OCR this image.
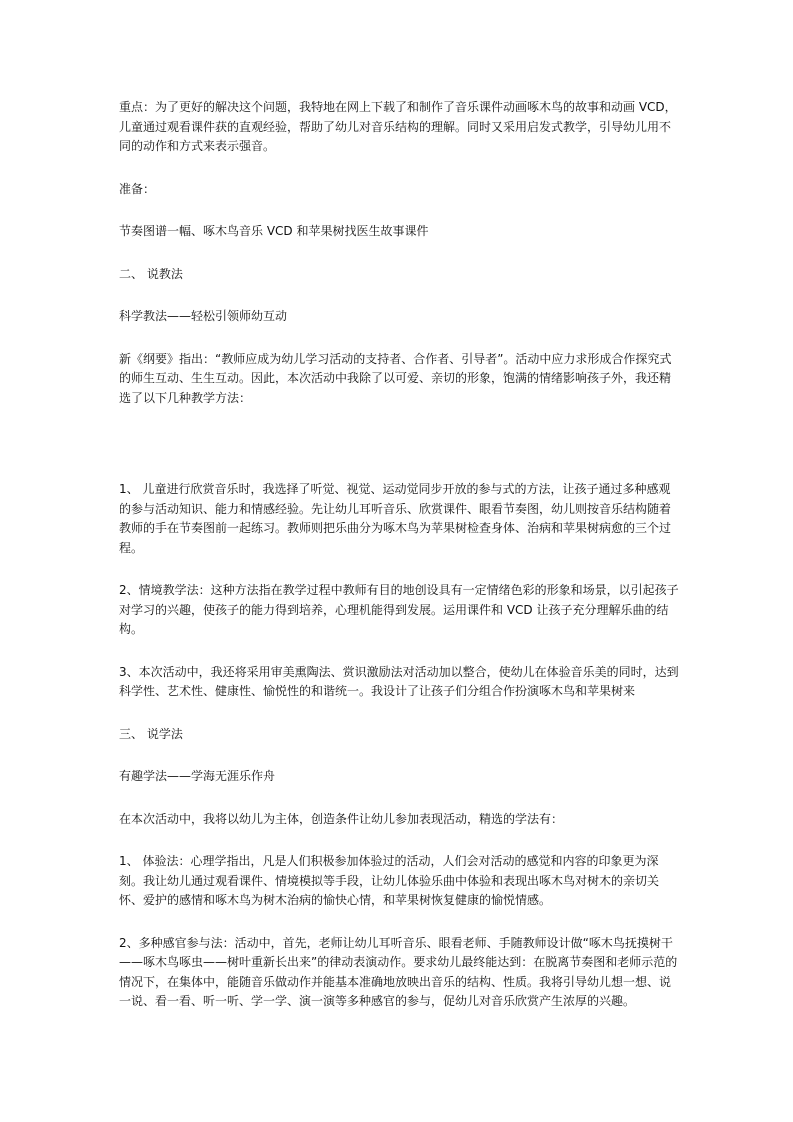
重点：为了更好的解决这个问题，我特地在网上下载了和制作了音乐课件动画啄木鸟的故事和动画 VCD，儿童通过观看课件获的直观经验，帮助了幼儿对音乐结构的理解。同时又采用启发式教学，引导幼儿用不同的动作和方式来表示强音。

准备：

节奏图谱一幅、啄木鸟音乐 VCD 和苹果树找医生故事课件

二、 说教法

科学教法——轻松引领师幼互动

新《纲要》指出：“教师应成为幼儿学习活动的支持者、合作者、引导者”。活动中应力求形成合作探究式的师生互动、生生互动。因此，本次活动中我除了以可爱、亲切的形象，饱满的情绪影响孩子外，我还精选了以下几种教学方法：

1、 儿童进行欣赏音乐时，我选择了听觉、视觉、运动觉同步开放的参与式的方法，让孩子通过多种感观的参与活动知识、能力和情感经验。先让幼儿耳听音乐、欣赏课件、眼看节奏图，幼儿则按音乐结构随着教师的手在节奏图前一起练习。教师则把乐曲分为啄木鸟为苹果树检查身体、治病和苹果树病愈的三个过程。

2、情境教学法：这种方法指在教学过程中教师有目的地创设具有一定情绪色彩的形象和场景，以引起孩子对学习的兴趣，使孩子的能力得到培养，心理机能得到发展。运用课件和 VCD 让孩子充分理解乐曲的结构。

3、本次活动中，我还将采用审美熏陶法、赏识激励法对活动加以整合，使幼儿在体验音乐美的同时，达到科学性、艺术性、健康性、愉悦性的和谐统一。我设计了让孩子们分组合作扮演啄木鸟和苹果树来

三、 说学法

有趣学法——学海无涯乐作舟

在本次活动中，我将以幼儿为主体，创造条件让幼儿参加表现活动，精选的学法有：

1、 体验法：心理学指出，凡是人们积极参加体验过的活动，人们会对活动的感觉和内容的印象更为深刻。我让幼儿通过观看课件、情境模拟等手段，让幼儿体验乐曲中体验和表现出啄木鸟对树木的亲切关怀、爱护的感情和啄木鸟为树木治病的愉快心情，和苹果树恢复健康的愉悦情感。

2、多种感官参与法：活动中，首先，老师让幼儿耳听音乐、眼看老师、手随教师设计做“啄木鸟抚摸树干——啄木鸟啄虫——树叶重新长出来”的律动表演动作。要求幼儿最终能达到：在脱离节奏图和老师示范的情况下，在集体中，能随音乐做动作并能基本准确地放映出音乐的结构、性质。我将引导幼儿想一想、说一说、看一看、听一听、学一学、演一演等多种感官的参与，促幼儿对音乐欣赏产生浓厚的兴趣。
